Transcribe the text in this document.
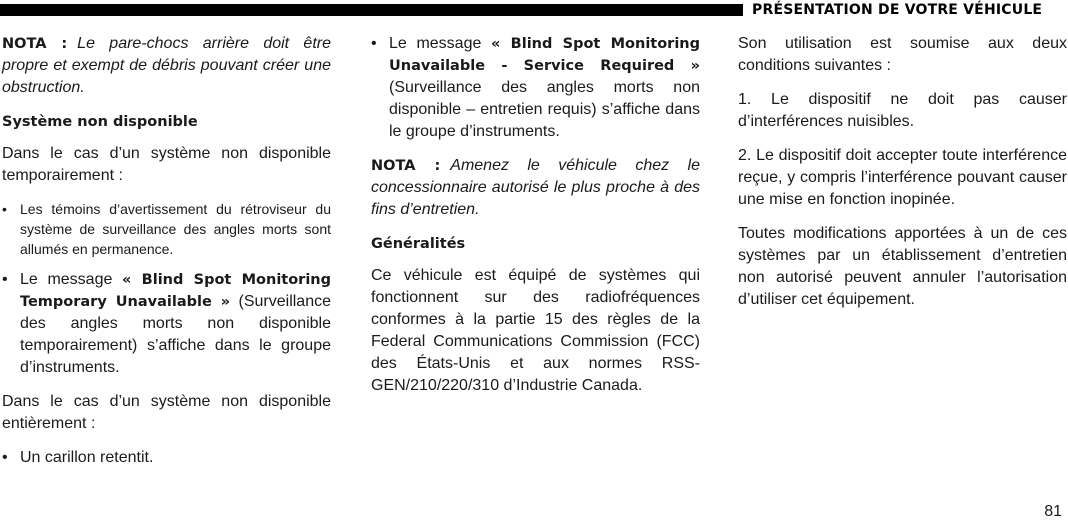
PRÉSENTATION DE VOTRE VÉHICULE

NOTA : Le pare-chocs arrière doit être propre et exempt de débris pouvant créer une obstruction.

Système non disponible

Dans le cas d’un système non disponible temporairement :

• Les témoins d’avertissement du rétroviseur du système de surveillance des angles morts sont allumés en permanence.
• Le message « Blind Spot Monitoring Temporary Unavailable » (Surveillance des angles morts non disponible temporairement) s’affiche dans le groupe d’instruments.

Dans le cas d’un système non disponible entièrement :

• Un carillon retentit.
• Le message « Blind Spot Monitoring Unavailable - Service Required » (Surveillance des angles morts non disponible – entretien requis) s’affiche dans le groupe d’instruments.

NOTA : Amenez le véhicule chez le concessionnaire autorisé le plus proche à des fins d’entretien.

Généralités

Ce véhicule est équipé de systèmes qui fonctionnent sur des radiofréquences conformes à la partie 15 des règles de la Federal Communications Commission (FCC) des États-Unis et aux normes RSS-GEN/210/220/310 d’Industrie Canada.

Son utilisation est soumise aux deux conditions suivantes :

1. Le dispositif ne doit pas causer d’interférences nuisibles.

2. Le dispositif doit accepter toute interférence reçue, y compris l’interférence pouvant causer une mise en fonction inopinée.

Toutes modifications apportées à un de ces systèmes par un établissement d’entretien non autorisé peuvent annuler l’autorisation d’utiliser cet équipement.

81
